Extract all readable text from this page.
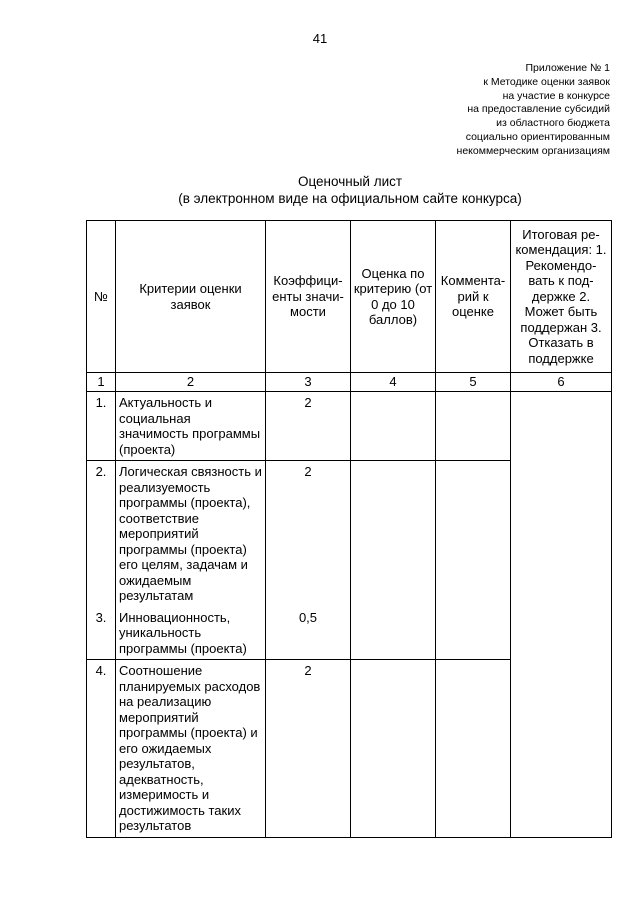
41
Приложение № 1
к Методике оценки заявок
на участие в конкурсе
на предоставление субсидий
из областного бюджета
социально ориентированным
некоммерческим организациям
Оценочный лист
(в электронном виде на официальном сайте конкурса)
№	Критерии оценки заявок	Коэффици-енты значи-мости	Оценка по критерию (от 0 до 10 баллов)	Коммента-рий к оценке	Итоговая ре-комендация: 1. Рекомендо-вать к под-держке 2. Может быть поддержан 3. Отказать в поддержке
1	2	3	4	5	6
1.	Актуальность и социальная значимость программы (проекта)	2			
2.	Логическая связность и реализуемость программы (проекта), соответствие мероприятий программы (проекта) его целям, задачам и ожидаемым результатам	2			
3.	Инновационность, уникальность программы (проекта)	0,5			
4.	Соотношение планируемых расходов на реализацию мероприятий программы (проекта) и его ожидаемых результатов, адекватность, измеримость и достижимость таких результатов	2			
